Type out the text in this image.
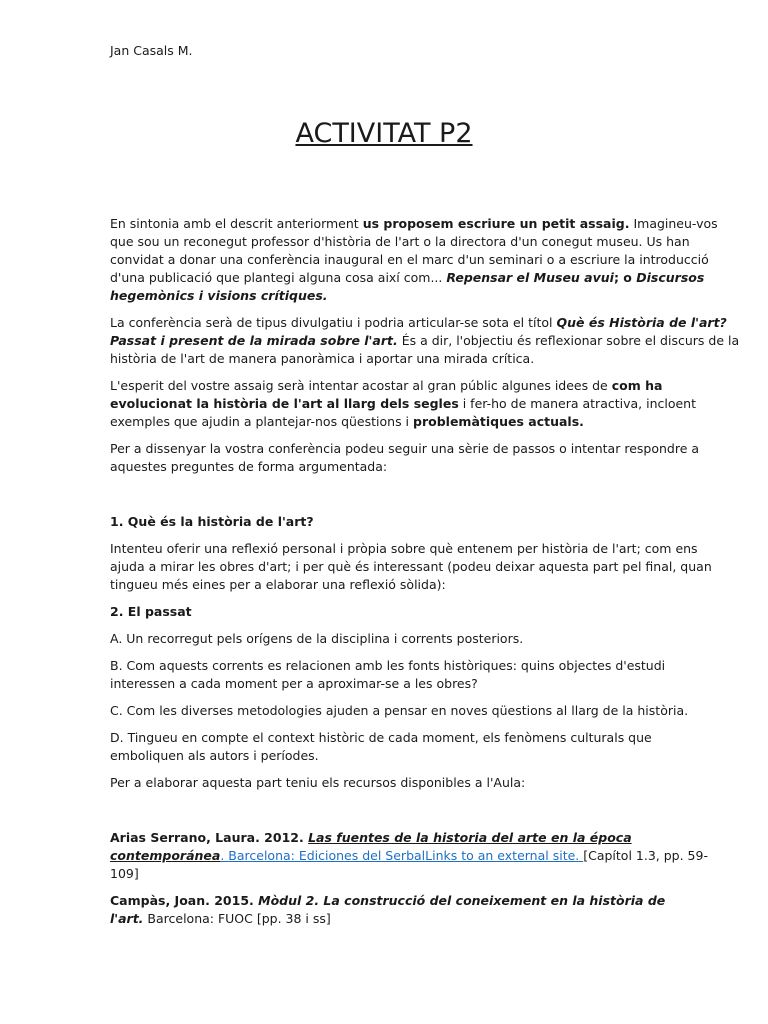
Jan Casals M.
ACTIVITAT P2
En sintonia amb el descrit anteriorment us proposem escriure un petit assaig. Imagineu-vos
que sou un reconegut professor d'història de l'art o la directora d'un conegut museu. Us han
convidat a donar una conferència inaugural en el marc d'un seminari o a escriure la introducció
d'una publicació que plantegi alguna cosa així com... Repensar el Museu avui; o Discursos
hegemònics i visions crítiques.
La conferència serà de tipus divulgatiu i podria articular-se sota el títol Què és Història de l'art?
Passat i present de la mirada sobre l'art. És a dir, l'objectiu és reflexionar sobre el discurs de la
història de l'art de manera panoràmica i aportar una mirada crítica.
L'esperit del vostre assaig serà intentar acostar al gran públic algunes idees de com ha
evolucionat la història de l'art al llarg dels segles i fer-ho de manera atractiva, incloent
exemples que ajudin a plantejar-nos qüestions i problemàtiques actuals.
Per a dissenyar la vostra conferència podeu seguir una sèrie de passos o intentar respondre a
aquestes preguntes de forma argumentada:
1. Què és la història de l'art?
Intenteu oferir una reflexió personal i pròpia sobre què entenem per història de l'art; com ens
ajuda a mirar les obres d'art; i per què és interessant (podeu deixar aquesta part pel final, quan
tingueu més eines per a elaborar una reflexió sòlida):
2. El passat
A. Un recorregut pels orígens de la disciplina i corrents posteriors.
B. Com aquests corrents es relacionen amb les fonts històriques: quins objectes d'estudi
interessen a cada moment per a aproximar-se a les obres?
C. Com les diverses metodologies ajuden a pensar en noves qüestions al llarg de la història.
D. Tingueu en compte el context històric de cada moment, els fenòmens culturals que
emboliquen als autors i períodes.
Per a elaborar aquesta part teniu els recursos disponibles a l'Aula:
Arias Serrano, Laura. 2012. Las fuentes de la historia del arte en la época
contemporánea. Barcelona: Ediciones del SerbalLinks to an external site. [Capítol 1.3, pp. 59-
109]
Campàs, Joan. 2015. Mòdul 2. La construcció del coneixement en la història de
l'art. Barcelona: FUOC [pp. 38 i ss]
